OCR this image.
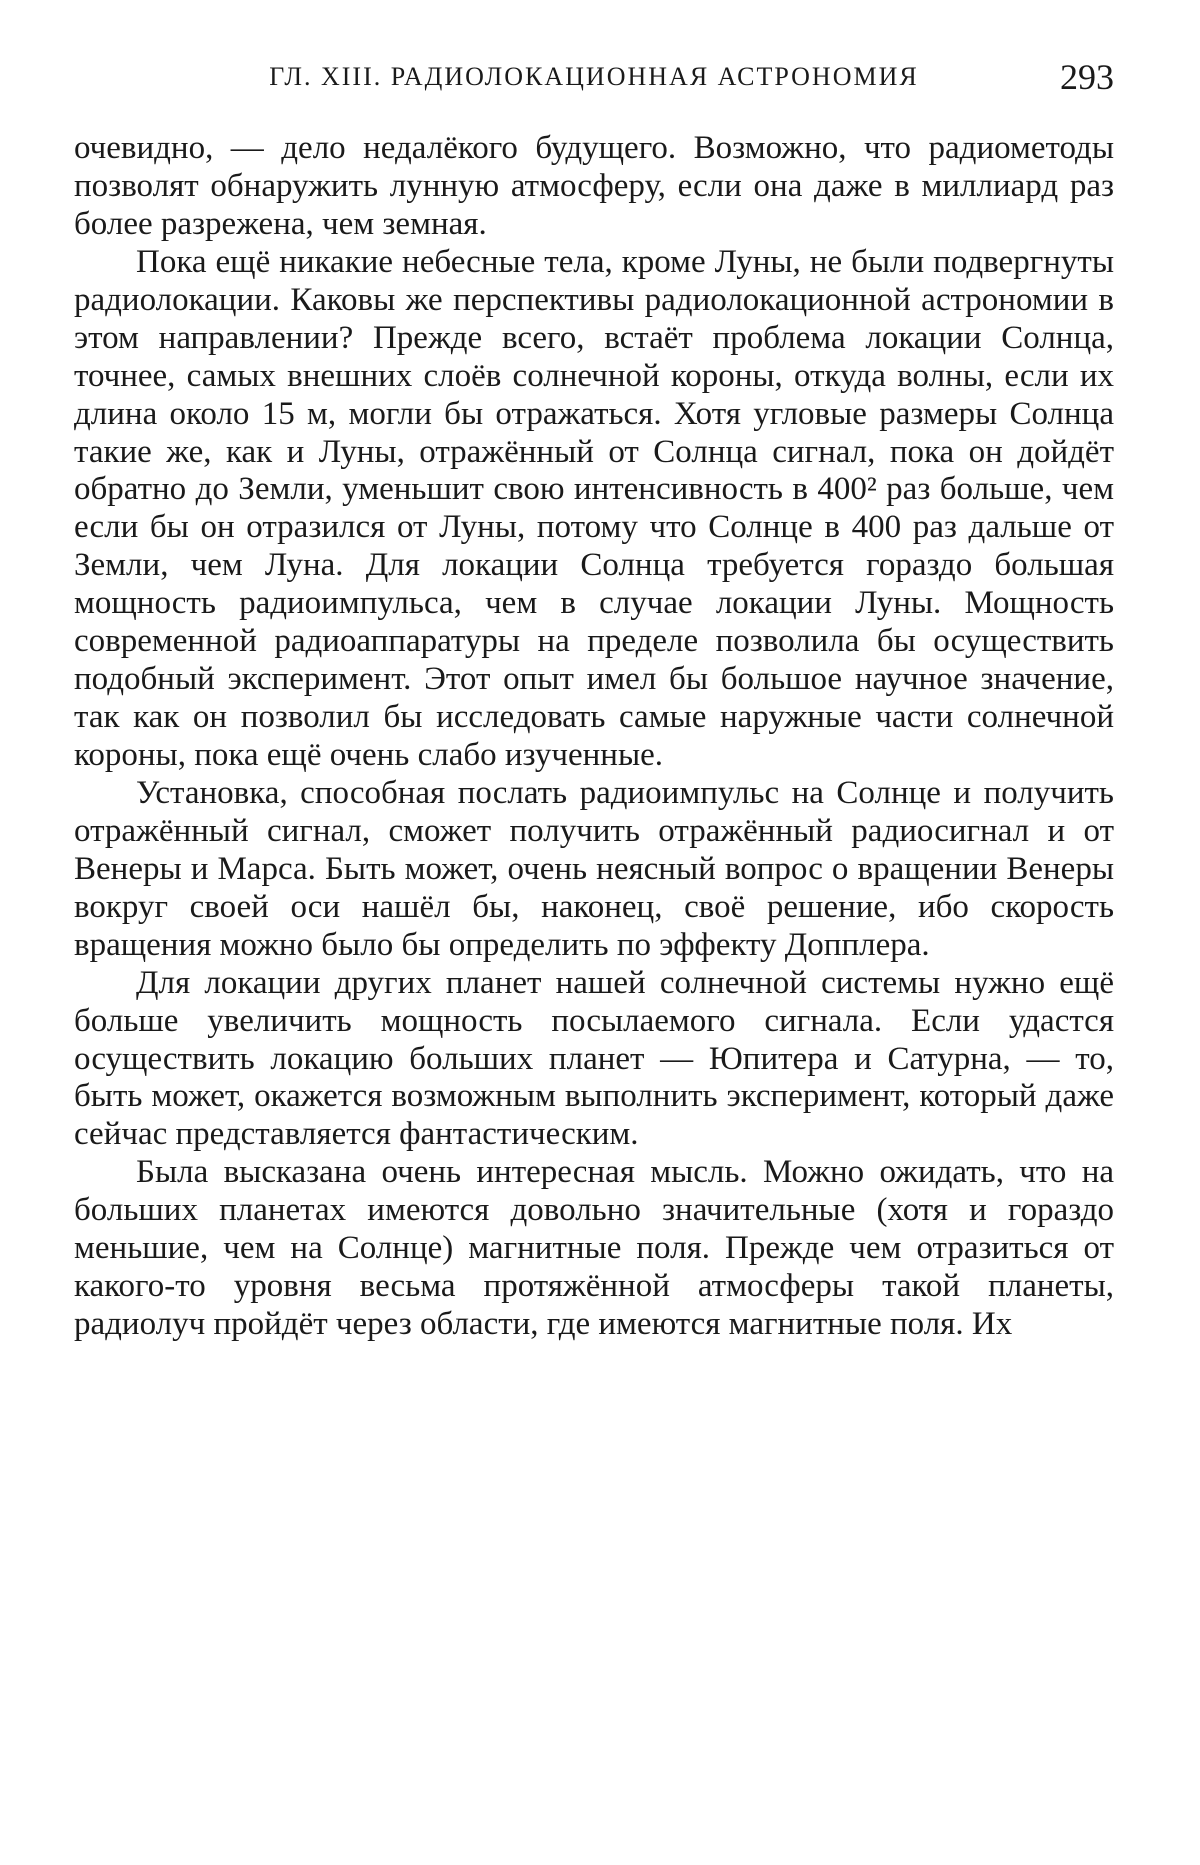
ГЛ. XIII. РАДИОЛОКАЦИОННАЯ АСТРОНОМИЯ	293

очевидно, — дело недалёкого будущего. Возможно, что радиометоды позволят обнаружить лунную атмосферу, если она даже в миллиард раз более разрежена, чем земная.

Пока ещё никакие небесные тела, кроме Луны, не были подвергнуты радиолокации. Каковы же перспективы радиолокационной астрономии в этом направлении? Прежде всего, встаёт проблема локации Солнца, точнее, самых внешних слоёв солнечной короны, откуда волны, если их длина около 15 м, могли бы отражаться. Хотя угловые размеры Солнца такие же, как и Луны, отражённый от Солнца сигнал, пока он дойдёт обратно до Земли, уменьшит свою интенсивность в 400² раз больше, чем если бы он отразился от Луны, потому что Солнце в 400 раз дальше от Земли, чем Луна. Для локации Солнца требуется гораздо большая мощность радиоимпульса, чем в случае локации Луны. Мощность современной радиоаппаратуры на пределе позволила бы осуществить подобный эксперимент. Этот опыт имел бы большое научное значение, так как он позволил бы исследовать самые наружные части солнечной короны, пока ещё очень слабо изученные.

Установка, способная послать радиоимпульс на Солнце и получить отражённый сигнал, сможет получить отражённый радиосигнал и от Венеры и Марса. Быть может, очень неясный вопрос о вращении Венеры вокруг своей оси нашёл бы, наконец, своё решение, ибо скорость вращения можно было бы определить по эффекту Допплера.

Для локации других планет нашей солнечной системы нужно ещё больше увеличить мощность посылаемого сигнала. Если удастся осуществить локацию больших планет — Юпитера и Сатурна, — то, быть может, окажется возможным выполнить эксперимент, который даже сейчас представляется фантастическим.

Была высказана очень интересная мысль. Можно ожидать, что на больших планетах имеются довольно значительные (хотя и гораздо меньшие, чем на Солнце) магнитные поля. Прежде чем отразиться от какого-то уровня весьма протяжённой атмосферы такой планеты, радиолуч пройдёт через области, где имеются магнитные поля. Их
